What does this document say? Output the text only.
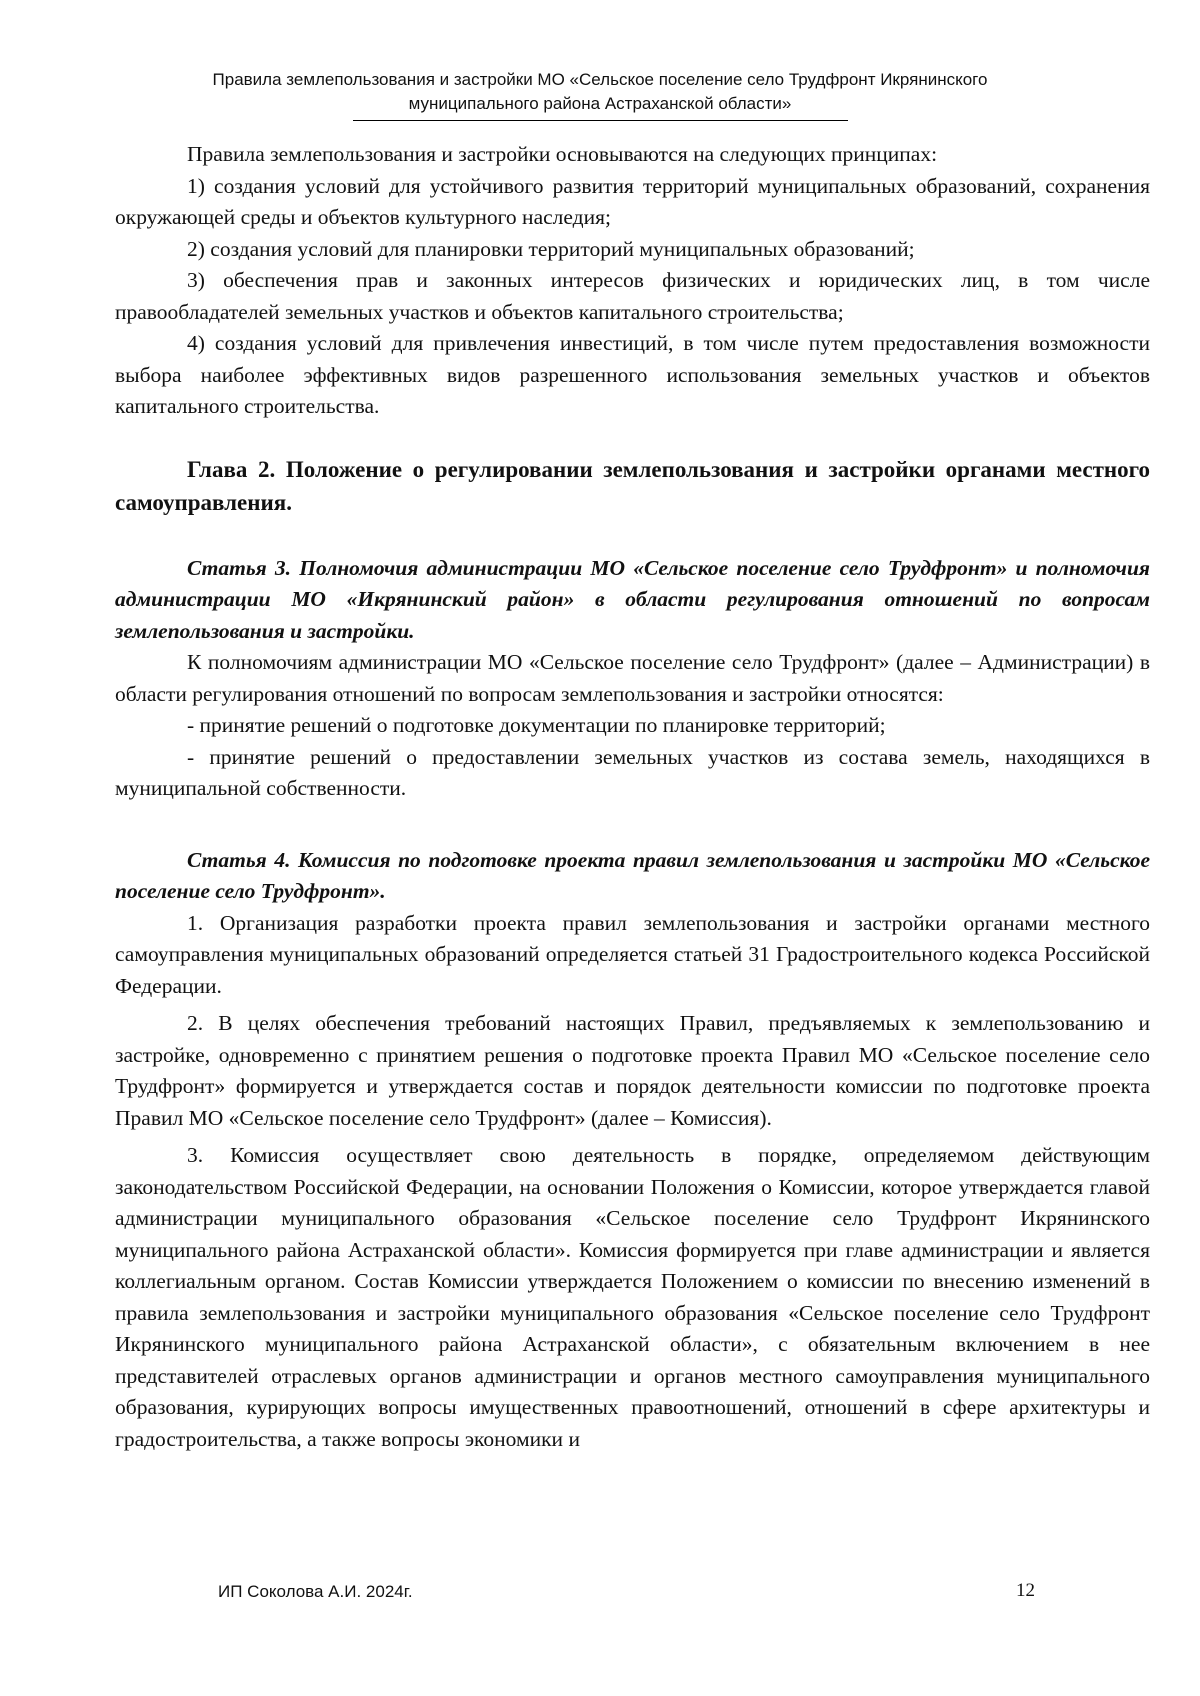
Правила землепользования и застройки МО «Сельское поселение село Трудфронт Икрянинского
муниципального района Астраханской области»

Правила землепользования и застройки основываются на следующих принципах:

1) создания условий для устойчивого развития территорий муниципальных образований, сохранения окружающей среды и объектов культурного наследия;

2) создания условий для планировки территорий муниципальных образований;

3) обеспечения прав и законных интересов физических и юридических лиц, в том числе правообладателей земельных участков и объектов капитального строительства;

4) создания условий для привлечения инвестиций, в том числе путем предоставления возможности выбора наиболее эффективных видов разрешенного использования земельных участков и объектов капитального строительства.

Глава 2. Положение о регулировании землепользования и застройки органами местного самоуправления.

Статья 3. Полномочия администрации МО «Сельское поселение село Трудфронт» и полномочия администрации МО «Икрянинский район» в области регулирования отношений по вопросам землепользования и застройки.

К полномочиям администрации МО «Сельское поселение село Трудфронт» (далее – Администрации) в области регулирования отношений по вопросам землепользования и застройки относятся:

- принятие решений о подготовке документации по планировке территорий;

- принятие решений о предоставлении земельных участков из состава земель, находящихся в муниципальной собственности.

Статья 4. Комиссия по подготовке проекта правил землепользования и застройки МО «Сельское поселение село Трудфронт».

1. Организация разработки проекта правил землепользования и застройки органами местного самоуправления муниципальных образований определяется статьей 31 Градостроительного кодекса Российской Федерации.

2. В целях обеспечения требований настоящих Правил, предъявляемых к землепользованию и застройке, одновременно с принятием решения о подготовке проекта Правил МО «Сельское поселение село Трудфронт» формируется и утверждается состав и порядок деятельности комиссии по подготовке проекта Правил МО «Сельское поселение село Трудфронт» (далее – Комиссия).

3. Комиссия осуществляет свою деятельность в порядке, определяемом действующим законодательством Российской Федерации, на основании Положения о Комиссии, которое утверждается главой администрации муниципального образования «Сельское поселение село Трудфронт Икрянинского муниципального района Астраханской области». Комиссия формируется при главе администрации и является коллегиальным органом. Состав Комиссии утверждается Положением о комиссии по внесению изменений в правила землепользования и застройки муниципального образования «Сельское поселение село Трудфронт Икрянинского муниципального района Астраханской области», с обязательным включением в нее представителей отраслевых органов администрации и органов местного самоуправления муниципального образования, курирующих вопросы имущественных правоотношений, отношений в сфере архитектуры и градостроительства, а также вопросы экономики и

ИП Соколова А.И. 2024г.	12
